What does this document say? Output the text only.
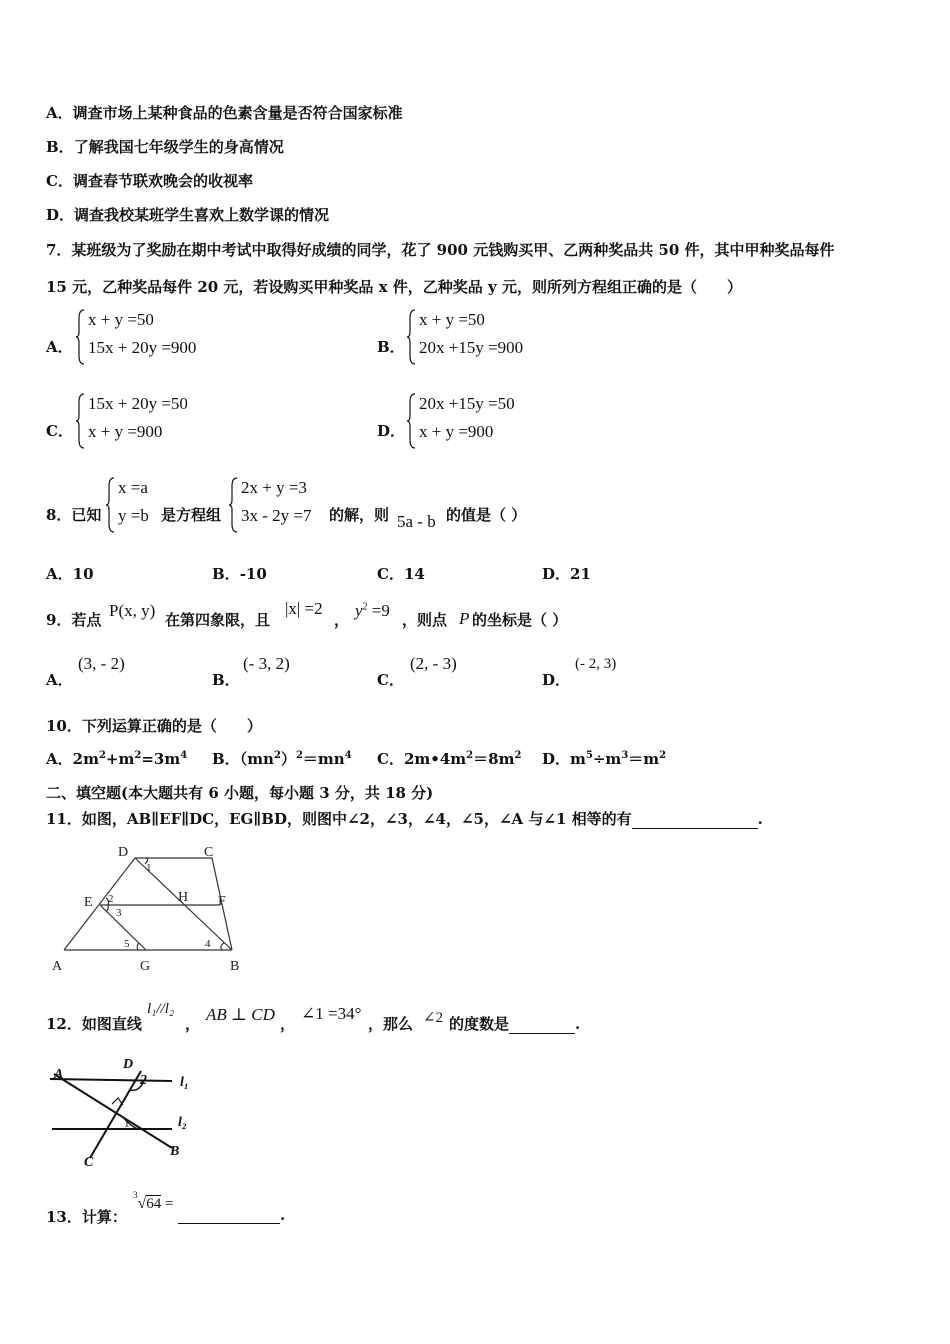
A．调查市场上某种食品的色素含量是否符合国家标准
B．了解我国七年级学生的身高情况
C．调查春节联欢晚会的收视率
D．调查我校某班学生喜欢上数学课的情况
7．某班级为了奖励在期中考试中取得好成绩的同学，花了 900 元钱购买甲、乙两种奖品共 50 件，其中甲种奖品每件
15 元，乙种奖品每件 20 元，若设购买甲种奖品 x 件，乙种奖品 y 元，则所列方程组正确的是（　　）
A．
x + y =50
15x + 20y =900	B．
x + y =50
20x +15y =900
C．
15x + 20y =50
x + y =900	D．
20x +15y =50
x + y =900
8．已知
x =a
y =b 是方程组
2x + y =3
3x - 2y =7 的解，则 5a - b 的值是（ ）
A．10	B．-10	C．14	D．21
9．若点 P(x, y) 在第四象限，且
|x| =2
， $y^2 =9$ ，则点 P 的坐标是（ ）
A．
(3, - 2)
B．
(- 3, 2)
C．
(2, - 3)
D．
(- 2, 3)
10．下列运算正确的是（　　）
A．$2m^2+m^2=3m^4$ B．$(mn^2)^2=mn^4$ C．$2m•4m^2=8m^2$ D．$m^5\div m^3=m^2$
二、填空题(本大题共有 6 小题，每小题 3 分，共 18 分)
11．如图，AB∥EF∥DC，EG∥BD，则图中∠2，∠3，∠4，∠5，∠A 与∠1 相等的有	.
D	C
E	H F
A	G	B
1
2
3
4
5
12．如图直线
l₁//l₂
， AB ⊥ CD ，
∠1 =34°
，那么 ∠2 的度数是	.
A
D
2 l₁
l₂
C
B
1
13．计算：
$^3$√64 =
.
